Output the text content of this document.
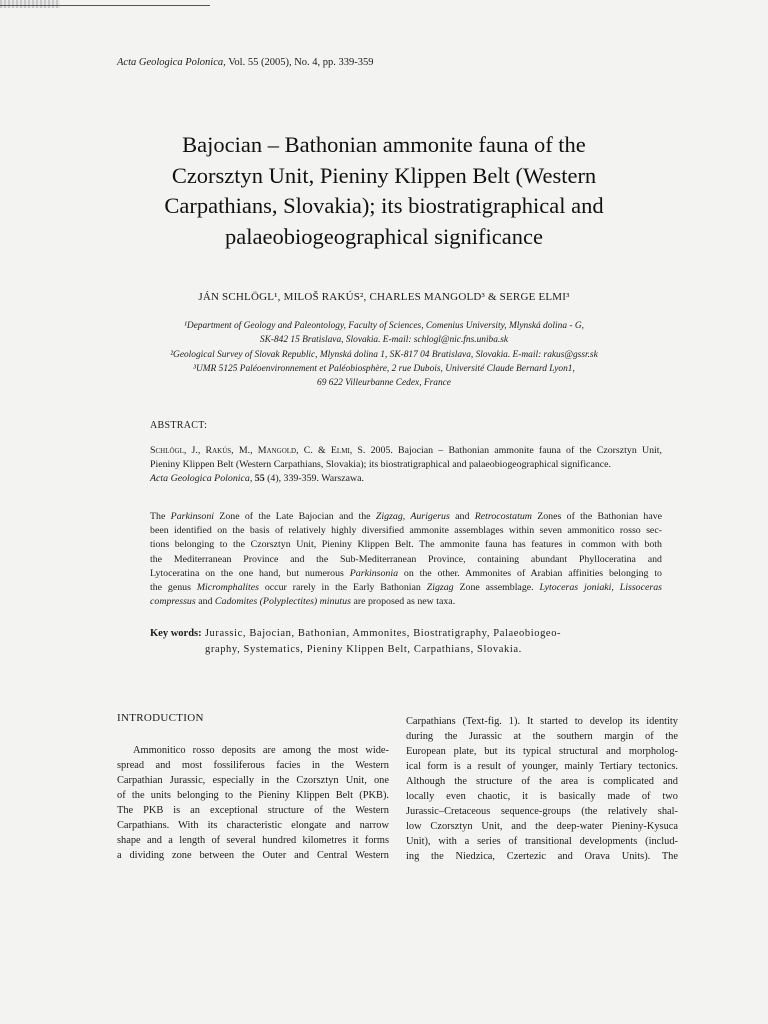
Acta Geologica Polonica, Vol. 55 (2005), No. 4, pp. 339-359
Bajocian – Bathonian ammonite fauna of the
Czorsztyn Unit, Pieniny Klippen Belt (Western
Carpathians, Slovakia); its biostratigraphical and
palaeobiogeographical significance
JÁN SCHLÖGL¹, MILOŠ RAKÚS², CHARLES MANGOLD³ & SERGE ELMI³
¹Department of Geology and Paleontology, Faculty of Sciences, Comenius University, Mlynská dolina - G,
SK-842 15 Bratislava, Slovakia. E-mail: schlogl@nic.fns.uniba.sk
²Geological Survey of Slovak Republic, Mlynská dolina 1, SK-817 04 Bratislava, Slovakia. E-mail: rakus@gssr.sk
³UMR 5125 Paléoenvironnement et Paléobiosphère, 2 rue Dubois, Université Claude Bernard Lyon1,
69 622 Villeurbanne Cedex, France
ABSTRACT:
Schlögl, J., Rakús, M., Mangold, C. & Elmi, S. 2005. Bajocian – Bathonian ammonite fauna of the Czorsztyn Unit,
Pieniny Klippen Belt (Western Carpathians, Slovakia); its biostratigraphical and palaeobiogeographical significance.
Acta Geologica Polonica, 55 (4), 339-359. Warszawa.
The Parkinsoni Zone of the Late Bajocian and the Zigzag, Aurigerus and Retrocostatum Zones of the Bathonian have
been identified on the basis of relatively highly diversified ammonite assemblages within seven ammonitico rosso sec-
tions belonging to the Czorsztyn Unit, Pieniny Klippen Belt. The ammonite fauna has features in common with both
the Mediterranean Province and the Sub-Mediterranean Province, containing abundant Phylloceratina and
Lytoceratina on the one hand, but numerous Parkinsonia on the other. Ammonites of Arabian affinities belonging to
the genus Micromphalites occur rarely in the Early Bathonian Zigzag Zone assemblage. Lytoceras joniaki, Lissoceras
compressus and Cadomites (Polyplectites) minutus are proposed as new taxa.
Key words: Jurassic, Bajocian, Bathonian, Ammonites, Biostratigraphy, Palaeobiogeo-
graphy, Systematics, Pieniny Klippen Belt, Carpathians, Slovakia.
INTRODUCTION
Ammonitico rosso deposits are among the most wide-
spread and most fossiliferous facies in the Western
Carpathian Jurassic, especially in the Czorsztyn Unit, one
of the units belonging to the Pieniny Klippen Belt (PKB).
The PKB is an exceptional structure of the Western
Carpathians. With its characteristic elongate and narrow
shape and a length of several hundred kilometres it forms
a dividing zone between the Outer and Central Western
Carpathians (Text-fig. 1). It started to develop its identity
during the Jurassic at the southern margin of the
European plate, but its typical structural and morpholog-
ical form is a result of younger, mainly Tertiary tectonics.
Although the structure of the area is complicated and
locally even chaotic, it is basically made of two
Jurassic–Cretaceous sequence-groups (the relatively shal-
low Czorsztyn Unit, and the deep-water Pieniny-Kysuca
Unit), with a series of transitional developments (includ-
ing the Niedzica, Czertezic and Orava Units). The
